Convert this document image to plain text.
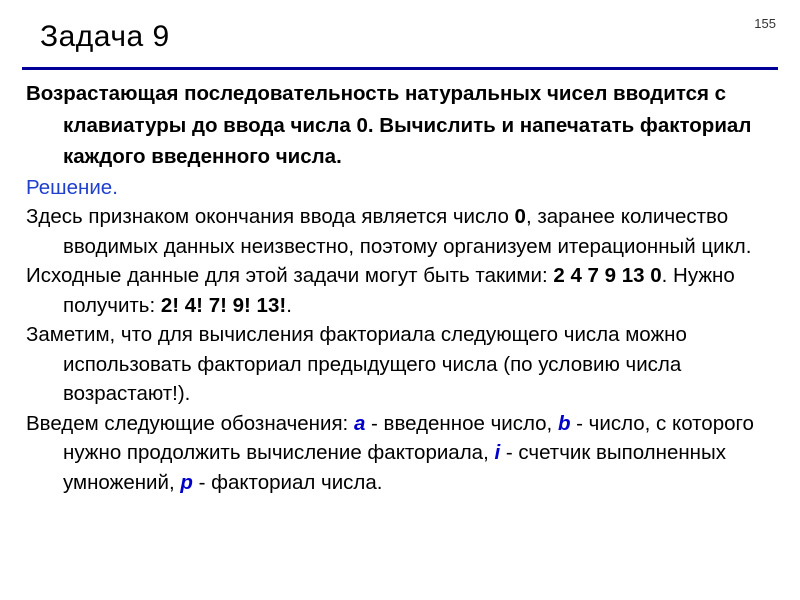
Задача 9	155

Возрастающая последовательность натуральных чисел вводится с клавиатуры до ввода числа 0. Вычислить и напечатать факториал каждого введенного числа.

Решение.

Здесь признаком окончания ввода является число 0, заранее количество вводимых данных неизвестно, поэтому организуем итерационный цикл.

Исходные данные для этой задачи могут быть такими: 2 4 7 9 13 0. Нужно получить: 2! 4! 7! 9! 13!.

Заметим, что для вычисления факториала следующего числа можно использовать факториал предыдущего числа (по условию числа возрастают!).

Введем следующие обозначения: a - введенное число, b - число, с которого нужно продолжить вычисление факториала, i - счетчик выполненных умножений, p - факториал числа.
